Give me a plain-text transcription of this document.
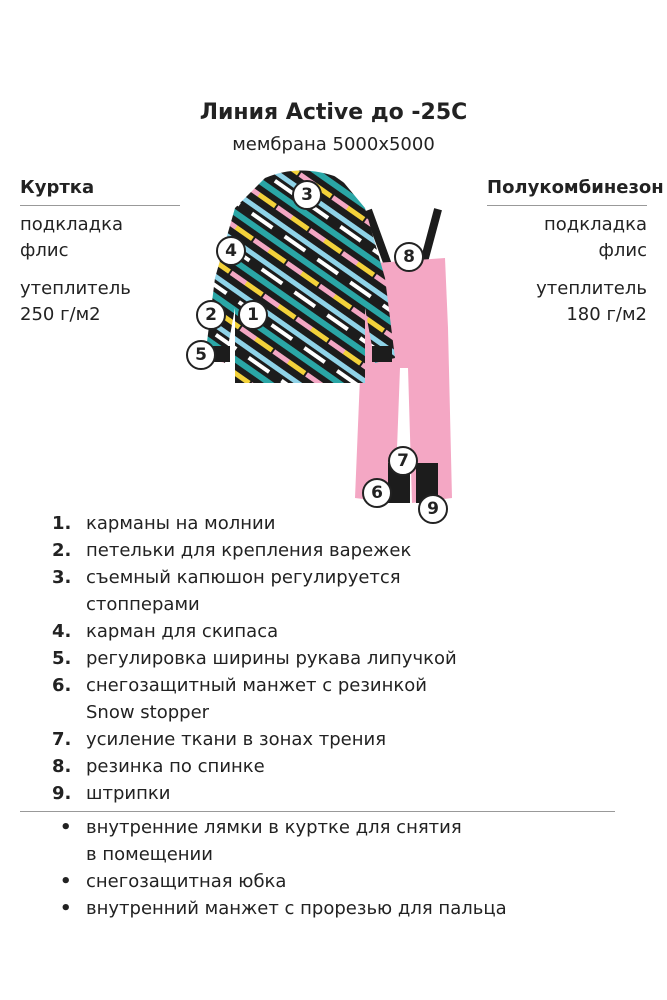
Линия Active до -25С
мембрана 5000х5000
Куртка
подкладка
флис
утеплитель
250 г/м2
Полукомбинезон
подкладка
флис
утеплитель
180 г/м2
3
4	8
2	1
5
7
6
9
1. карманы на молнии
2. петельки для крепления варежек
3. съемный капюшон регулируется
стопперами
4. карман для скипаса
5. регулировка ширины рукава липучкой
6. снегозащитный манжет с резинкой
Snow stopper
7. усиление ткани в зонах трения
8. резинка по спинке
9. штрипки
• внутренние лямки в куртке для снятия
в помещении
• снегозащитная юбка
• внутренний манжет с прорезью для пальца
